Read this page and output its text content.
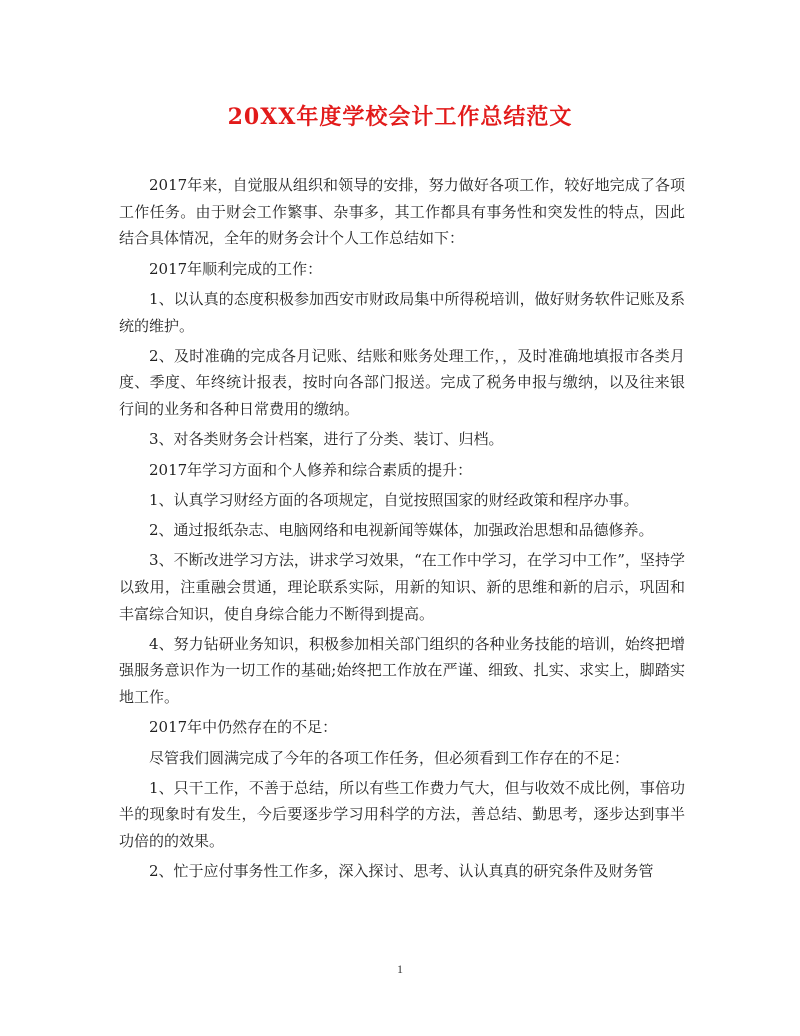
20XX年度学校会计工作总结范文

2017年来，自觉服从组织和领导的安排，努力做好各项工作，较好地完成了各项工作任务。由于财会工作繁事、杂事多，其工作都具有事务性和突发性的特点，因此结合具体情况，全年的财务会计个人工作总结如下：

2017年顺利完成的工作：

1、以认真的态度积极参加西安市财政局集中所得税培训，做好财务软件记账及系统的维护。

2、及时准确的完成各月记账、结账和账务处理工作，，及时准确地填报市各类月度、季度、年终统计报表，按时向各部门报送。完成了税务申报与缴纳，以及往来银行间的业务和各种日常费用的缴纳。

3、对各类财务会计档案，进行了分类、装订、归档。

2017年学习方面和个人修养和综合素质的提升：

1、认真学习财经方面的各项规定，自觉按照国家的财经政策和程序办事。

2、通过报纸杂志、电脑网络和电视新闻等媒体，加强政治思想和品德修养。

3、不断改进学习方法，讲求学习效果，“在工作中学习，在学习中工作”，坚持学以致用，注重融会贯通，理论联系实际，用新的知识、新的思维和新的启示，巩固和丰富综合知识，使自身综合能力不断得到提高。

4、努力钻研业务知识，积极参加相关部门组织的各种业务技能的培训，始终把增强服务意识作为一切工作的基础;始终把工作放在严谨、细致、扎实、求实上，脚踏实地工作。

2017年中仍然存在的不足：

尽管我们圆满完成了今年的各项工作任务，但必须看到工作存在的不足：

1、只干工作，不善于总结，所以有些工作费力气大，但与收效不成比例，事倍功半的现象时有发生，今后要逐步学习用科学的方法，善总结、勤思考，逐步达到事半功倍的的效果。

2、忙于应付事务性工作多，深入探讨、思考、认认真真的研究条件及财务管

1
